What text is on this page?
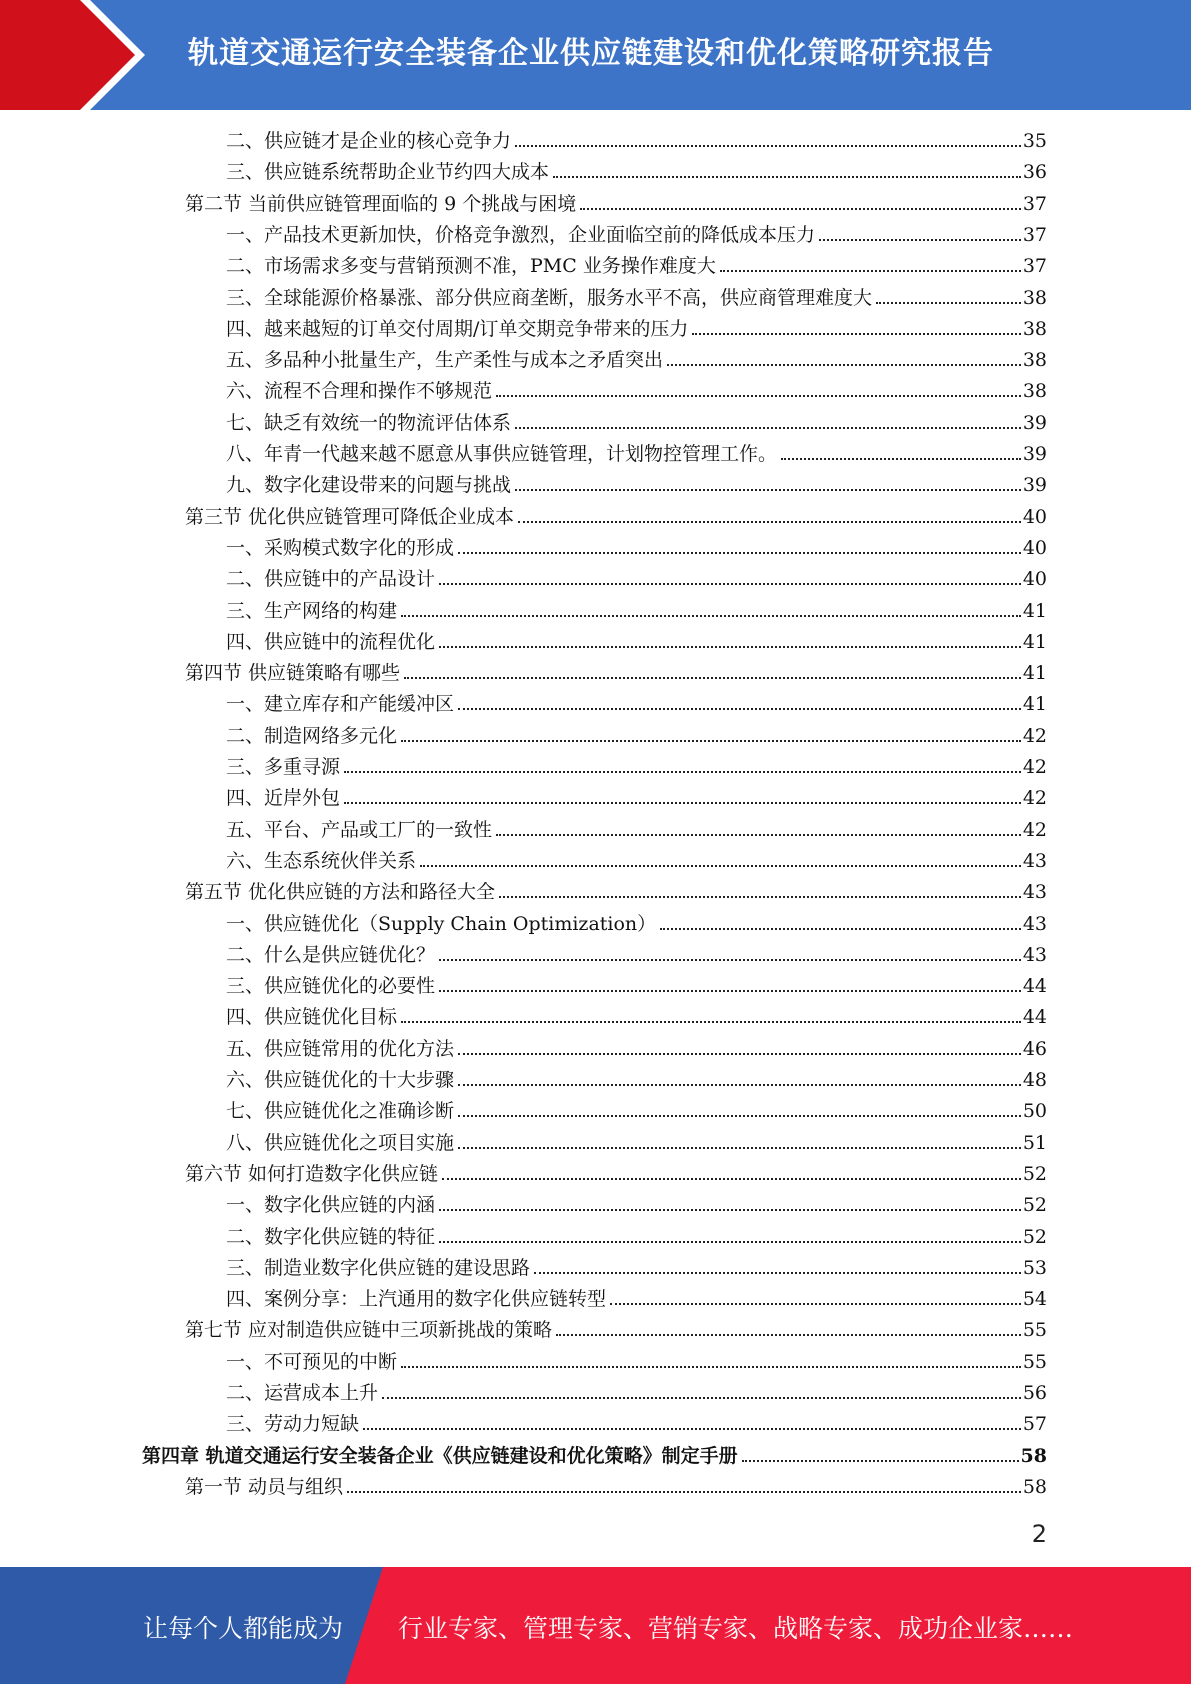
轨道交通运行安全装备企业供应链建设和优化策略研究报告
二、供应链才是企业的核心竞争力	35
三、供应链系统帮助企业节约四大成本	36
第二节 当前供应链管理面临的 9 个挑战与困境	37
一、产品技术更新加快，价格竞争激烈，企业面临空前的降低成本压力	37
二、市场需求多变与营销预测不准，PMC 业务操作难度大	37
三、全球能源价格暴涨、部分供应商垄断，服务水平不高，供应商管理难度大	38
四、越来越短的订单交付周期/订单交期竞争带来的压力	38
五、多品种小批量生产，生产柔性与成本之矛盾突出	38
六、流程不合理和操作不够规范	38
七、缺乏有效统一的物流评估体系	39
八、年青一代越来越不愿意从事供应链管理，计划物控管理工作。	39
九、数字化建设带来的问题与挑战	39
第三节 优化供应链管理可降低企业成本	40
一、采购模式数字化的形成	40
二、供应链中的产品设计	40
三、生产网络的构建	41
四、供应链中的流程优化	41
第四节 供应链策略有哪些	41
一、建立库存和产能缓冲区	41
二、制造网络多元化	42
三、多重寻源	42
四、近岸外包	42
五、平台、产品或工厂的一致性	42
六、生态系统伙伴关系	43
第五节 优化供应链的方法和路径大全	43
一、供应链优化（Supply Chain Optimization）	43
二、什么是供应链优化？	43
三、供应链优化的必要性	44
四、供应链优化目标	44
五、供应链常用的优化方法	46
六、供应链优化的十大步骤	48
七、供应链优化之准确诊断	50
八、供应链优化之项目实施	51
第六节 如何打造数字化供应链	52
一、数字化供应链的内涵	52
二、数字化供应链的特征	52
三、制造业数字化供应链的建设思路	53
四、案例分享：上汽通用的数字化供应链转型	54
第七节 应对制造供应链中三项新挑战的策略	55
一、不可预见的中断	55
二、运营成本上升	56
三、劳动力短缺	57
第四章 轨道交通运行安全装备企业《供应链建设和优化策略》制定手册	58
第一节 动员与组织	58
2
让每个人都能成为 行业专家、管理专家、营销专家、战略专家、成功企业家……
